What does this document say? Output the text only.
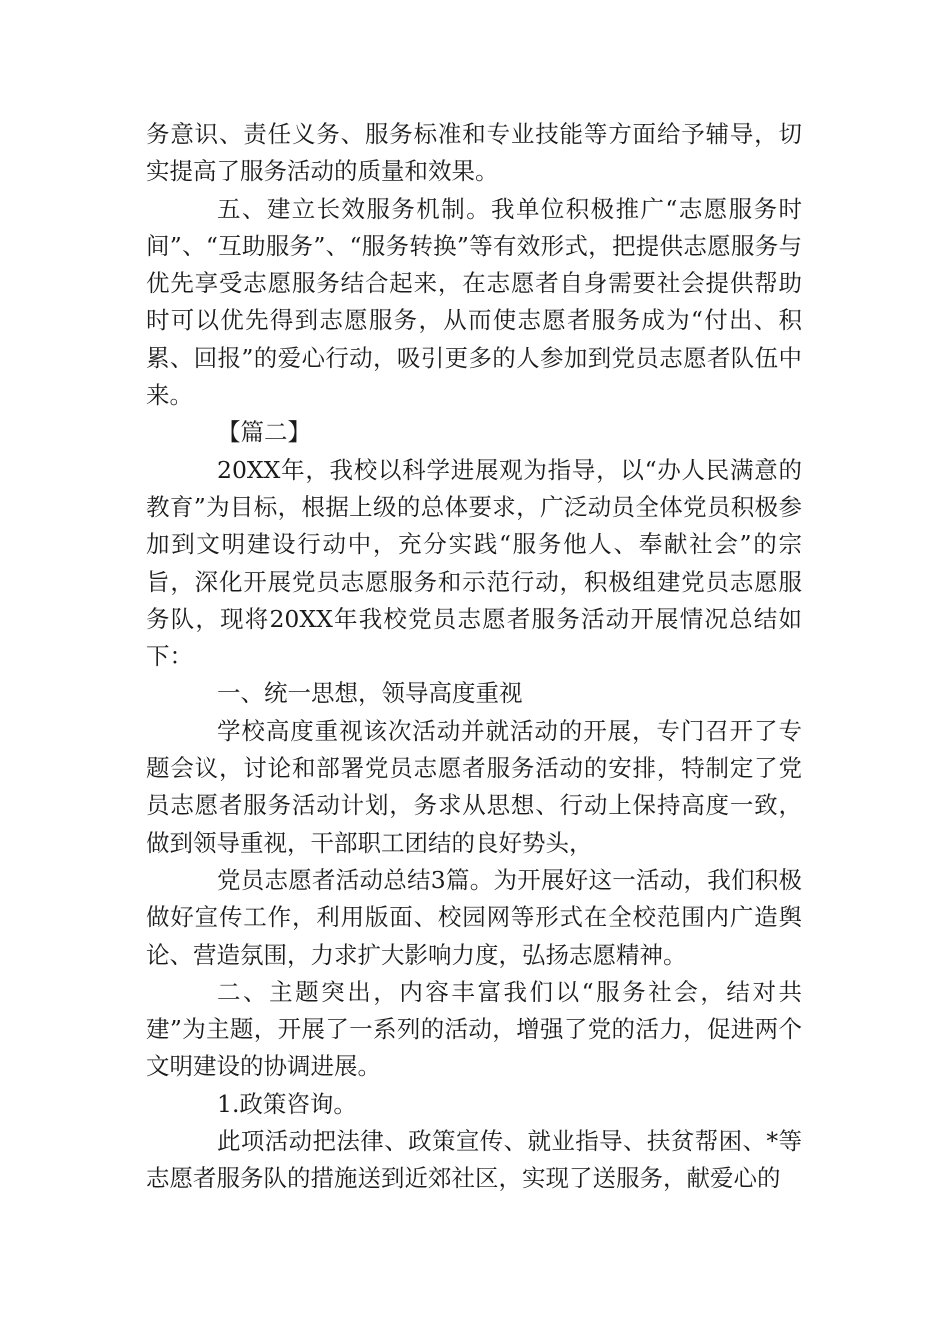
务意识、责任义务、服务标准和专业技能等方面给予辅导，切实提高了服务活动的质量和效果。

五、建立长效服务机制。我单位积极推广“志愿服务时间”、“互助服务”、“服务转换”等有效形式，把提供志愿服务与优先享受志愿服务结合起来，在志愿者自身需要社会提供帮助时可以优先得到志愿服务，从而使志愿者服务成为“付出、积累、回报”的爱心行动，吸引更多的人参加到党员志愿者队伍中来。

【篇二】

20XX年，我校以科学进展观为指导，以“办人民满意的教育”为目标，根据上级的总体要求，广泛动员全体党员积极参加到文明建设行动中，充分实践“服务他人、奉献社会”的宗旨，深化开展党员志愿服务和示范行动，积极组建党员志愿服务队，现将20XX年我校党员志愿者服务活动开展情况总结如下：

一、统一思想，领导高度重视

学校高度重视该次活动并就活动的开展，专门召开了专题会议，讨论和部署党员志愿者服务活动的安排，特制定了党员志愿者服务活动计划，务求从思想、行动上保持高度一致，做到领导重视，干部职工团结的良好势头，

党员志愿者活动总结3篇。为开展好这一活动，我们积极做好宣传工作，利用版面、校园网等形式在全校范围内广造舆论、营造氛围，力求扩大影响力度，弘扬志愿精神。

二、主题突出，内容丰富我们以“服务社会，结对共建”为主题，开展了一系列的活动，增强了党的活力，促进两个文明建设的协调进展。

1.政策咨询。

此项活动把法律、政策宣传、就业指导、扶贫帮困、*等志愿者服务队的措施送到近郊社区，实现了送服务，献爱心的
